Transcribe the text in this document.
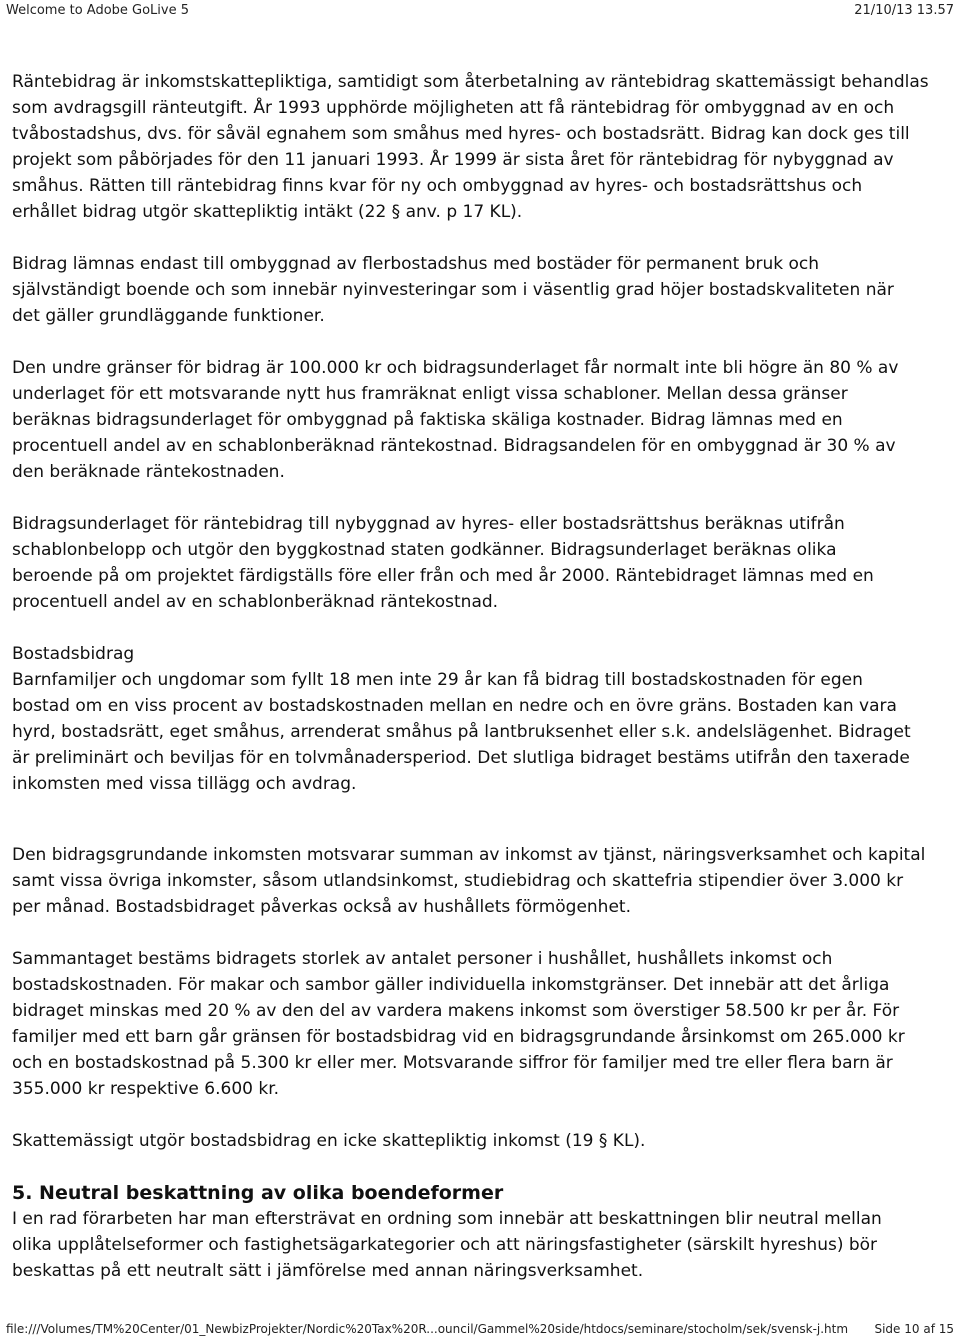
Welcome to Adobe GoLive 5	21/10/13 13.57

Räntebidrag är inkomstskattepliktiga, samtidigt som återbetalning av räntebidrag skattemässigt behandlas
som avdragsgill ränteutgift. År 1993 upphörde möjligheten att få räntebidrag för ombyggnad av en och
tvåbostadshus, dvs. för såväl egnahem som småhus med hyres- och bostadsrätt. Bidrag kan dock ges till
projekt som påbörjades för den 11 januari 1993. År 1999 är sista året för räntebidrag för nybyggnad av
småhus. Rätten till räntebidrag finns kvar för ny och ombyggnad av hyres- och bostadsrättshus och
erhållet bidrag utgör skattepliktig intäkt (22 § anv. p 17 KL).

Bidrag lämnas endast till ombyggnad av flerbostadshus med bostäder för permanent bruk och
självständigt boende och som innebär nyinvesteringar som i väsentlig grad höjer bostadskvaliteten när
det gäller grundläggande funktioner.

Den undre gränser för bidrag är 100.000 kr och bidragsunderlaget får normalt inte bli högre än 80 % av
underlaget för ett motsvarande nytt hus framräknat enligt vissa schabloner. Mellan dessa gränser
beräknas bidragsunderlaget för ombyggnad på faktiska skäliga kostnader. Bidrag lämnas med en
procentuell andel av en schablonberäknad räntekostnad. Bidragsandelen för en ombyggnad är 30 % av
den beräknade räntekostnaden.

Bidragsunderlaget för räntebidrag till nybyggnad av hyres- eller bostadsrättshus beräknas utifrån
schablonbelopp och utgör den byggkostnad staten godkänner. Bidragsunderlaget beräknas olika
beroende på om projektet färdigställs före eller från och med år 2000. Räntebidraget lämnas med en
procentuell andel av en schablonberäknad räntekostnad.

Bostadsbidrag
Barnfamiljer och ungdomar som fyllt 18 men inte 29 år kan få bidrag till bostadskostnaden för egen
bostad om en viss procent av bostadskostnaden mellan en nedre och en övre gräns. Bostaden kan vara
hyrd, bostadsrätt, eget småhus, arrenderat småhus på lantbruksenhet eller s.k. andelslägenhet. Bidraget
är preliminärt och beviljas för en tolvmånadersperiod. Det slutliga bidraget bestäms utifrån den taxerade
inkomsten med vissa tillägg och avdrag.

Den bidragsgrundande inkomsten motsvarar summan av inkomst av tjänst, näringsverksamhet och kapital
samt vissa övriga inkomster, såsom utlandsinkomst, studiebidrag och skattefria stipendier över 3.000 kr
per månad. Bostadsbidraget påverkas också av hushållets förmögenhet.

Sammantaget bestäms bidragets storlek av antalet personer i hushållet, hushållets inkomst och
bostadskostnaden. För makar och sambor gäller individuella inkomstgränser. Det innebär att det årliga
bidraget minskas med 20 % av den del av vardera makens inkomst som överstiger 58.500 kr per år. För
familjer med ett barn går gränsen för bostadsbidrag vid en bidragsgrundande årsinkomst om 265.000 kr
och en bostadskostnad på 5.300 kr eller mer. Motsvarande siffror för familjer med tre eller flera barn är
355.000 kr respektive 6.600 kr.

Skattemässigt utgör bostadsbidrag en icke skattepliktig inkomst (19 § KL).

5. Neutral beskattning av olika boendeformer

I en rad förarbeten har man eftersträvat en ordning som innebär att beskattningen blir neutral mellan
olika upplåtelseformer och fastighetsägarkategorier och att näringsfastigheter (särskilt hyreshus) bör
beskattas på ett neutralt sätt i jämförelse med annan näringsverksamhet.

file:///Volumes/TM%20Center/01_NewbizProjekter/Nordic%20Tax%20R...ouncil/Gammel%20side/htdocs/seminare/stocholm/sek/svensk-j.htm Side 10 af 15
